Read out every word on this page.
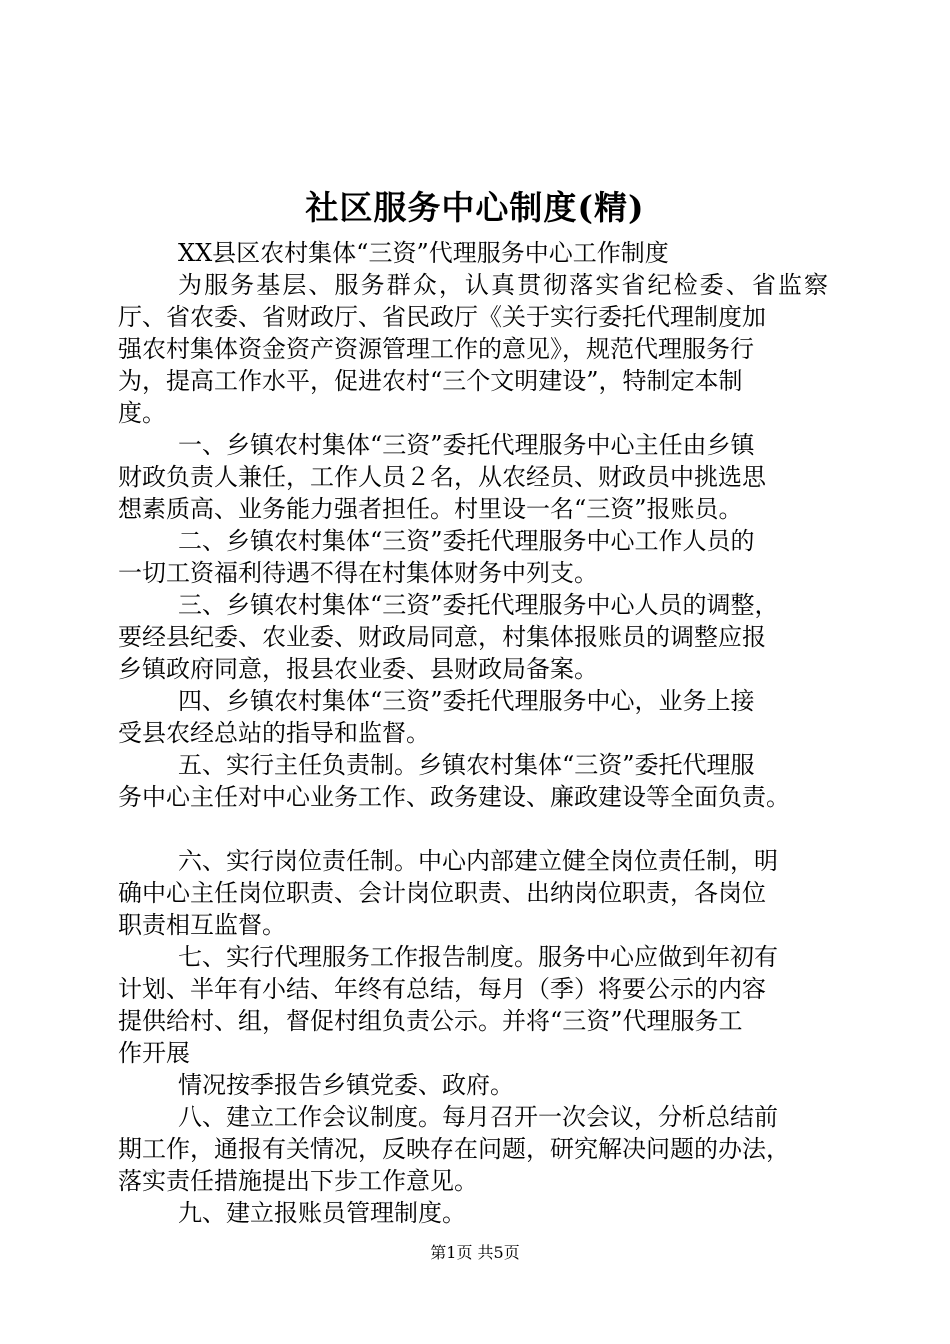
社区服务中心制度(精)
XX县区农村集体“三资”代理服务中心工作制度
为服务基层、服务群众，认真贯彻落实省纪检委、省监察
厅、省农委、省财政厅、省民政厅《关于实行委托代理制度加
强农村集体资金资产资源管理工作的意见》，规范代理服务行
为，提高工作水平，促进农村“三个文明建设”，特制定本制
度。
一、乡镇农村集体“三资”委托代理服务中心主任由乡镇
财政负责人兼任，工作人员２名，从农经员、财政员中挑选思
想素质高、业务能力强者担任。村里设一名“三资”报账员。
二、乡镇农村集体“三资”委托代理服务中心工作人员的
一切工资福利待遇不得在村集体财务中列支。
三、乡镇农村集体“三资”委托代理服务中心人员的调整，
要经县纪委、农业委、财政局同意，村集体报账员的调整应报
乡镇政府同意，报县农业委、县财政局备案。
四、乡镇农村集体“三资”委托代理服务中心，业务上接
受县农经总站的指导和监督。
五、实行主任负责制。乡镇农村集体“三资”委托代理服
务中心主任对中心业务工作、政务建设、廉政建设等全面负责。
六、实行岗位责任制。中心内部建立健全岗位责任制，明
确中心主任岗位职责、会计岗位职责、出纳岗位职责，各岗位
职责相互监督。
七、实行代理服务工作报告制度。服务中心应做到年初有
计划、半年有小结、年终有总结，每月（季）将要公示的内容
提供给村、组，督促村组负责公示。并将“三资”代理服务工
作开展
情况按季报告乡镇党委、政府。
八、建立工作会议制度。每月召开一次会议，分析总结前
期工作，通报有关情况，反映存在问题，研究解决问题的办法，
落实责任措施提出下步工作意见。
九、建立报账员管理制度。
第1页 共5页
